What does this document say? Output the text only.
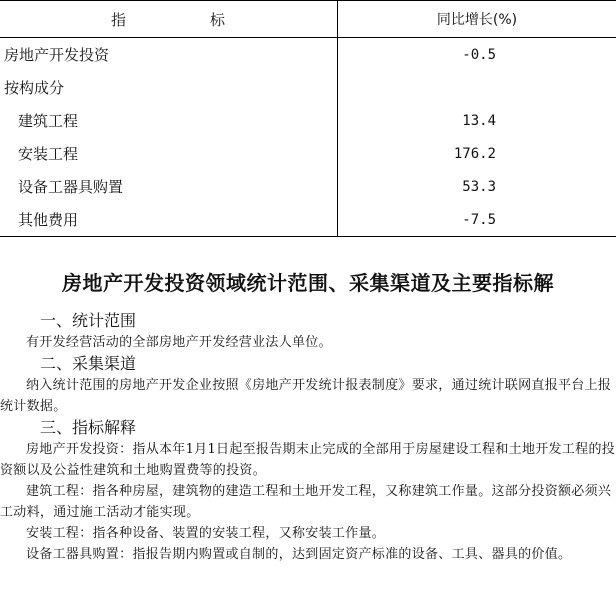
指　　标	同比增长(%)
房地产开发投资	-0.5
按构成分	
建筑工程	13.4
安装工程	176.2
设备工器具购置	53.3
其他费用	-7.5
房地产开发投资领域统计范围、采集渠道及主要指标解
一、统计范围

有开发经营活动的全部房地产开发经营业法人单位。

二、采集渠道

纳入统计范围的房地产开发企业按照《房地产开发统计报表制度》要求，通过统计联网直报平台上报统计数据。

三、指标解释

房地产开发投资：指从本年1月1日起至报告期末止完成的全部用于房屋建设工程和土地开发工程的投资额以及公益性建筑和土地购置费等的投资。

建筑工程：指各种房屋，建筑物的建造工程和土地开发工程，又称建筑工作量。这部分投资额必须兴工动料，通过施工活动才能实现。

安装工程：指各种设备、装置的安装工程，又称安装工作量。

设备工器具购置：指报告期内购置或自制的，达到固定资产标准的设备、工具、器具的价值。
